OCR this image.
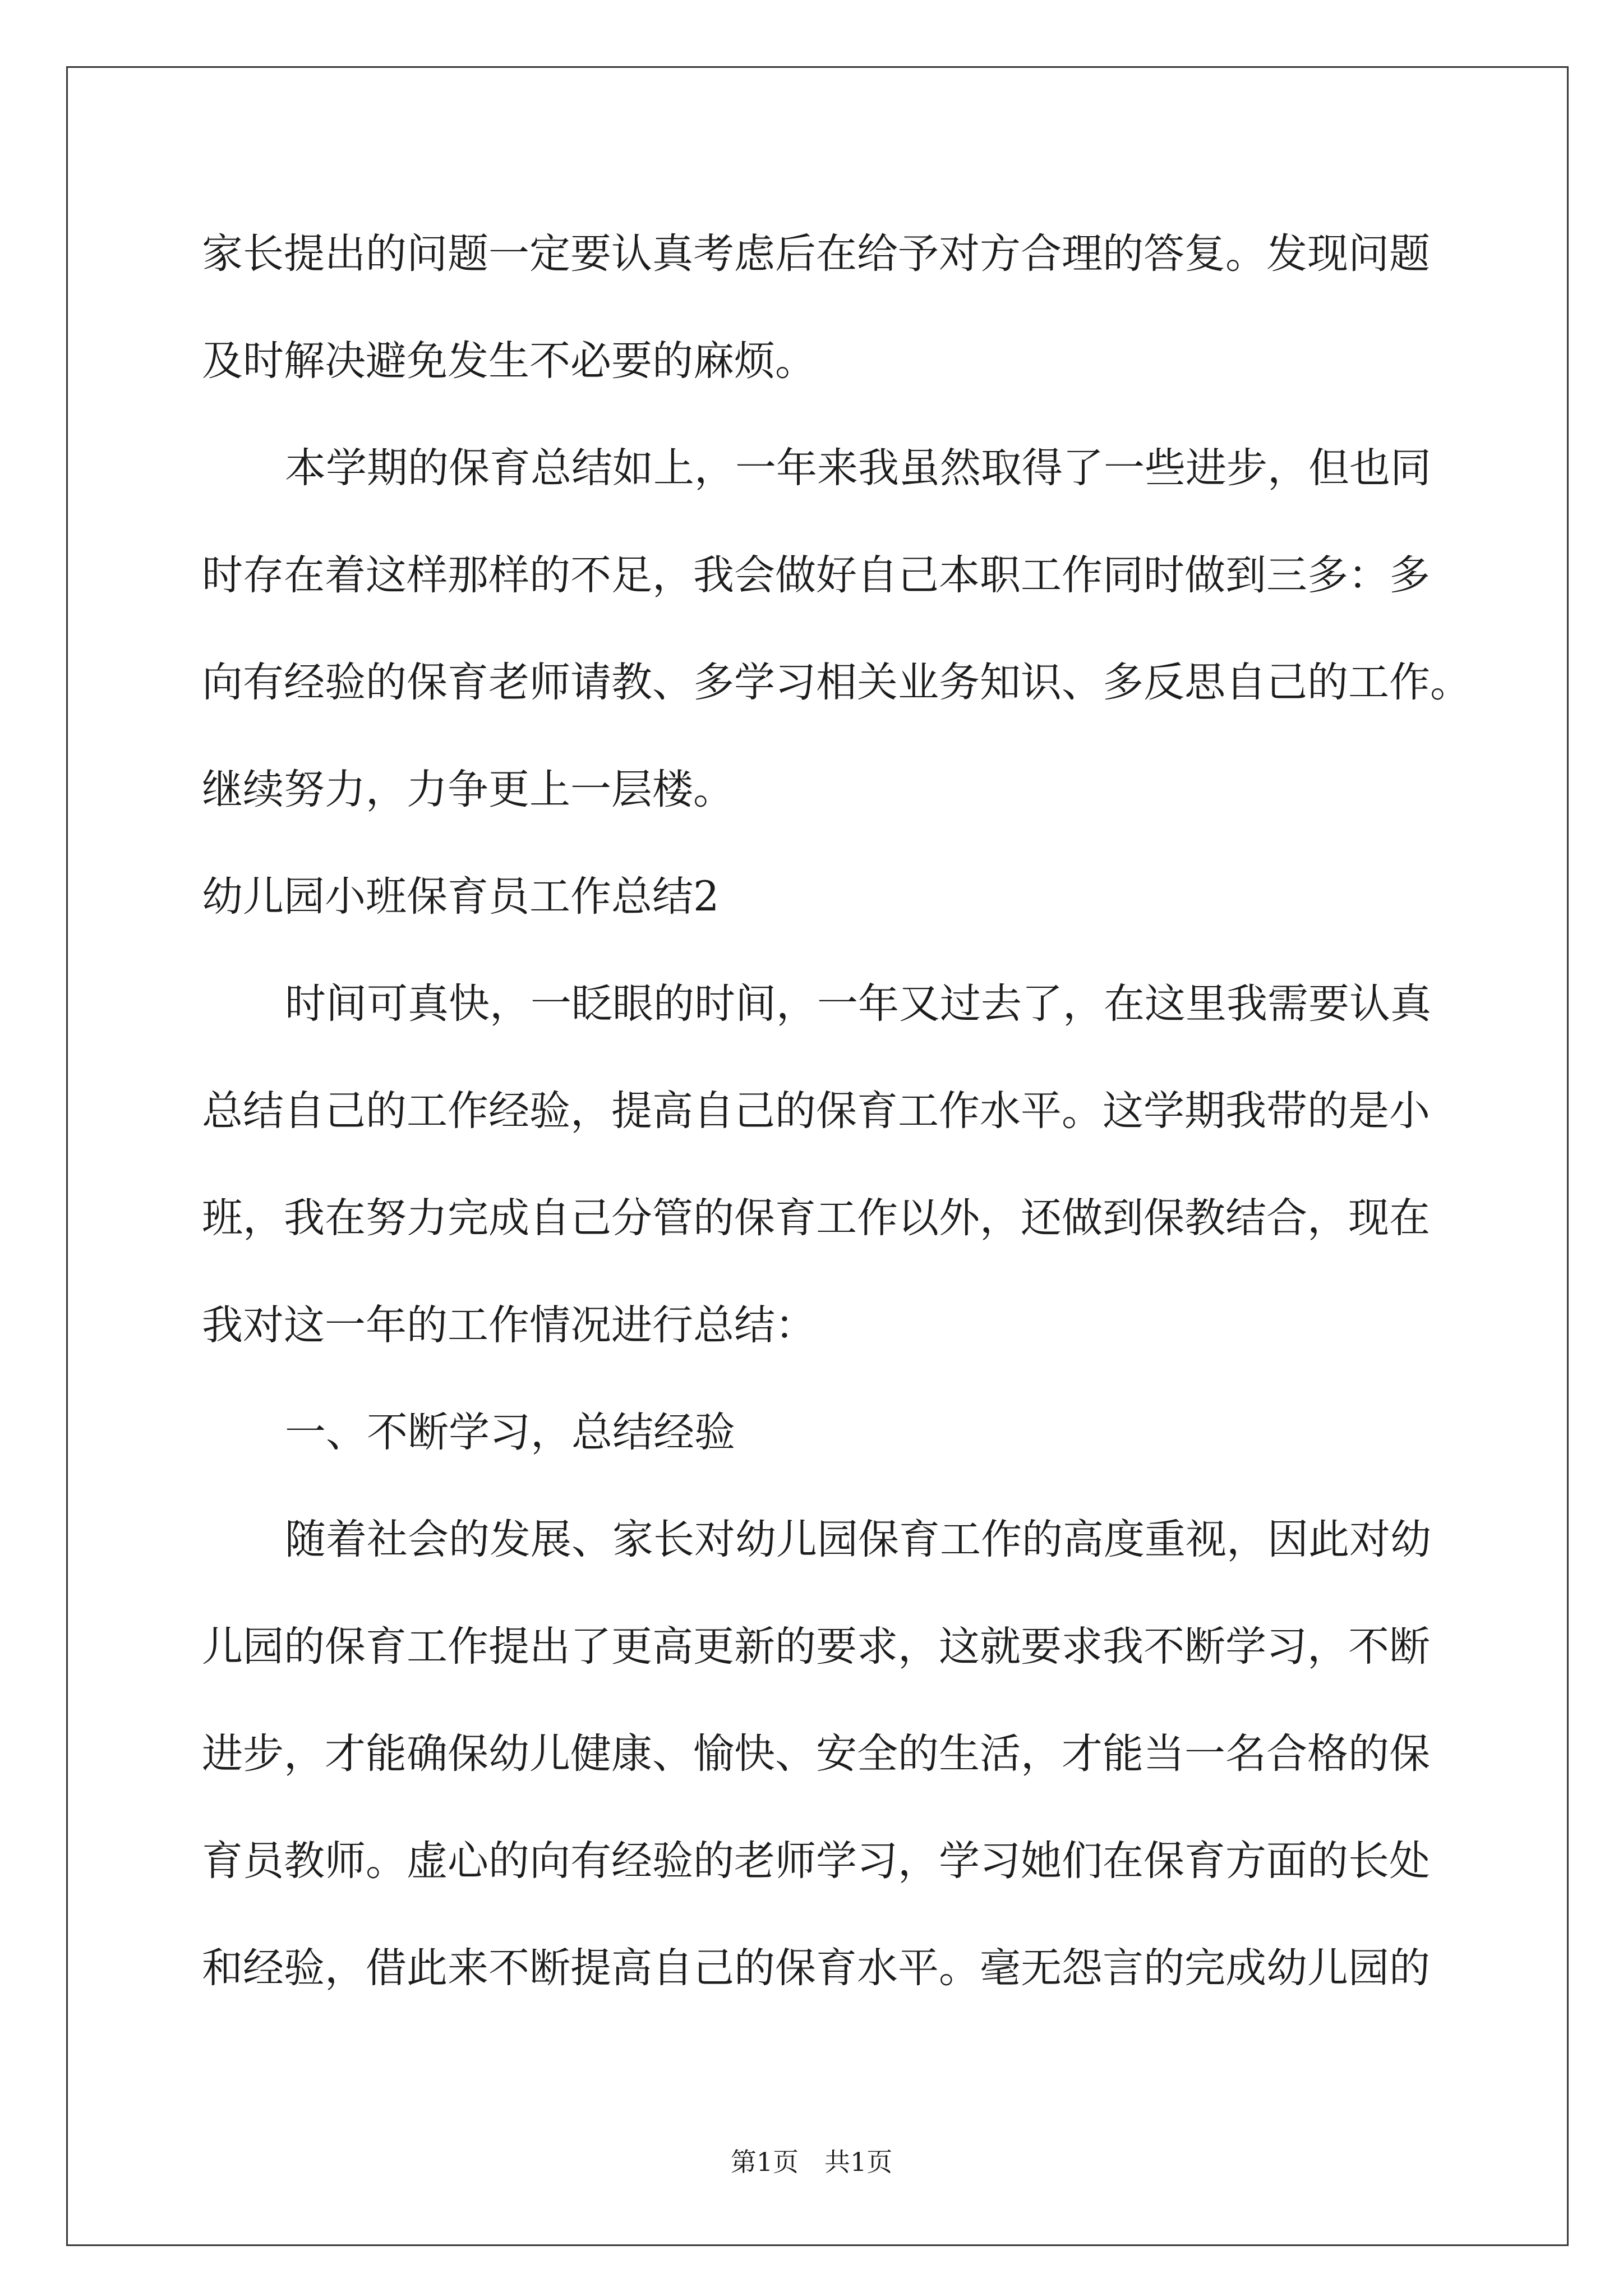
家长提出的问题一定要认真考虑后在给予对方合理的答复。发现问题
及时解决避免发生不必要的麻烦。
本学期的保育总结如上，一年来我虽然取得了一些进步，但也同
时存在着这样那样的不足，我会做好自己本职工作同时做到三多：多
向有经验的保育老师请教、多学习相关业务知识、多反思自己的工作。
继续努力，力争更上一层楼。
幼儿园小班保育员工作总结2
时间可真快，一眨眼的时间，一年又过去了，在这里我需要认真
总结自己的工作经验，提高自己的保育工作水平。这学期我带的是小
班，我在努力完成自己分管的保育工作以外，还做到保教结合，现在
我对这一年的工作情况进行总结：
一、不断学习，总结经验
随着社会的发展、家长对幼儿园保育工作的高度重视，因此对幼
儿园的保育工作提出了更高更新的要求，这就要求我不断学习，不断
进步，才能确保幼儿健康、愉快、安全的生活，才能当一名合格的保
育员教师。虚心的向有经验的老师学习，学习她们在保育方面的长处
和经验，借此来不断提高自己的保育水平。毫无怨言的完成幼儿园的
第1页　共1页
